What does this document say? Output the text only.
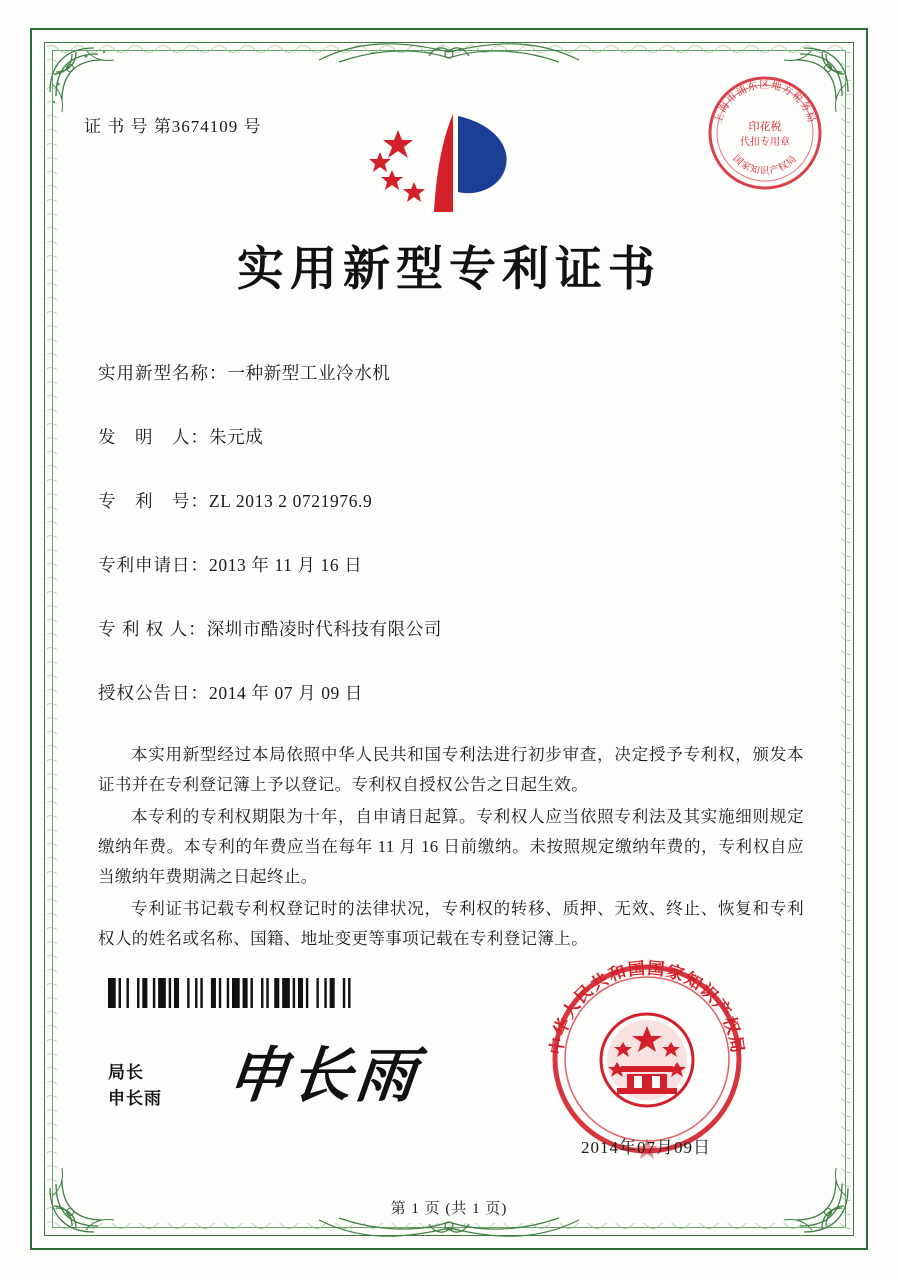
证 书 号 第3674109 号	上海市浦东区地方税务局
国家知识产权局
印花税
代扣专用章
实用新型专利证书
实用新型名称：一种新型工业冷水机
发　明　人：朱元成
专　利　号：ZL 2013 2 0721976.9
专利申请日：2013 年 11 月 16 日
专 利 权 人：深圳市酷凌时代科技有限公司
授权公告日：2014 年 07 月 09 日

本实用新型经过本局依照中华人民共和国专利法进行初步审查，决定授予专利权，颁发本证书并在专利登记簿上予以登记。专利权自授权公告之日起生效。

本专利的专利权期限为十年，自申请日起算。专利权人应当依照专利法及其实施细则规定缴纳年费。本专利的年费应当在每年 11 月 16 日前缴纳。未按照规定缴纳年费的，专利权自应当缴纳年费期满之日起终止。

专利证书记载专利权登记时的法律状况，专利权的转移、质押、无效、终止、恢复和专利权人的姓名或名称、国籍、地址变更等事项记载在专利登记簿上。

局长
申长雨 申长雨	中华人民共和国国家知识产权局
2014年07月09日
第 1 页 (共 1 页)
